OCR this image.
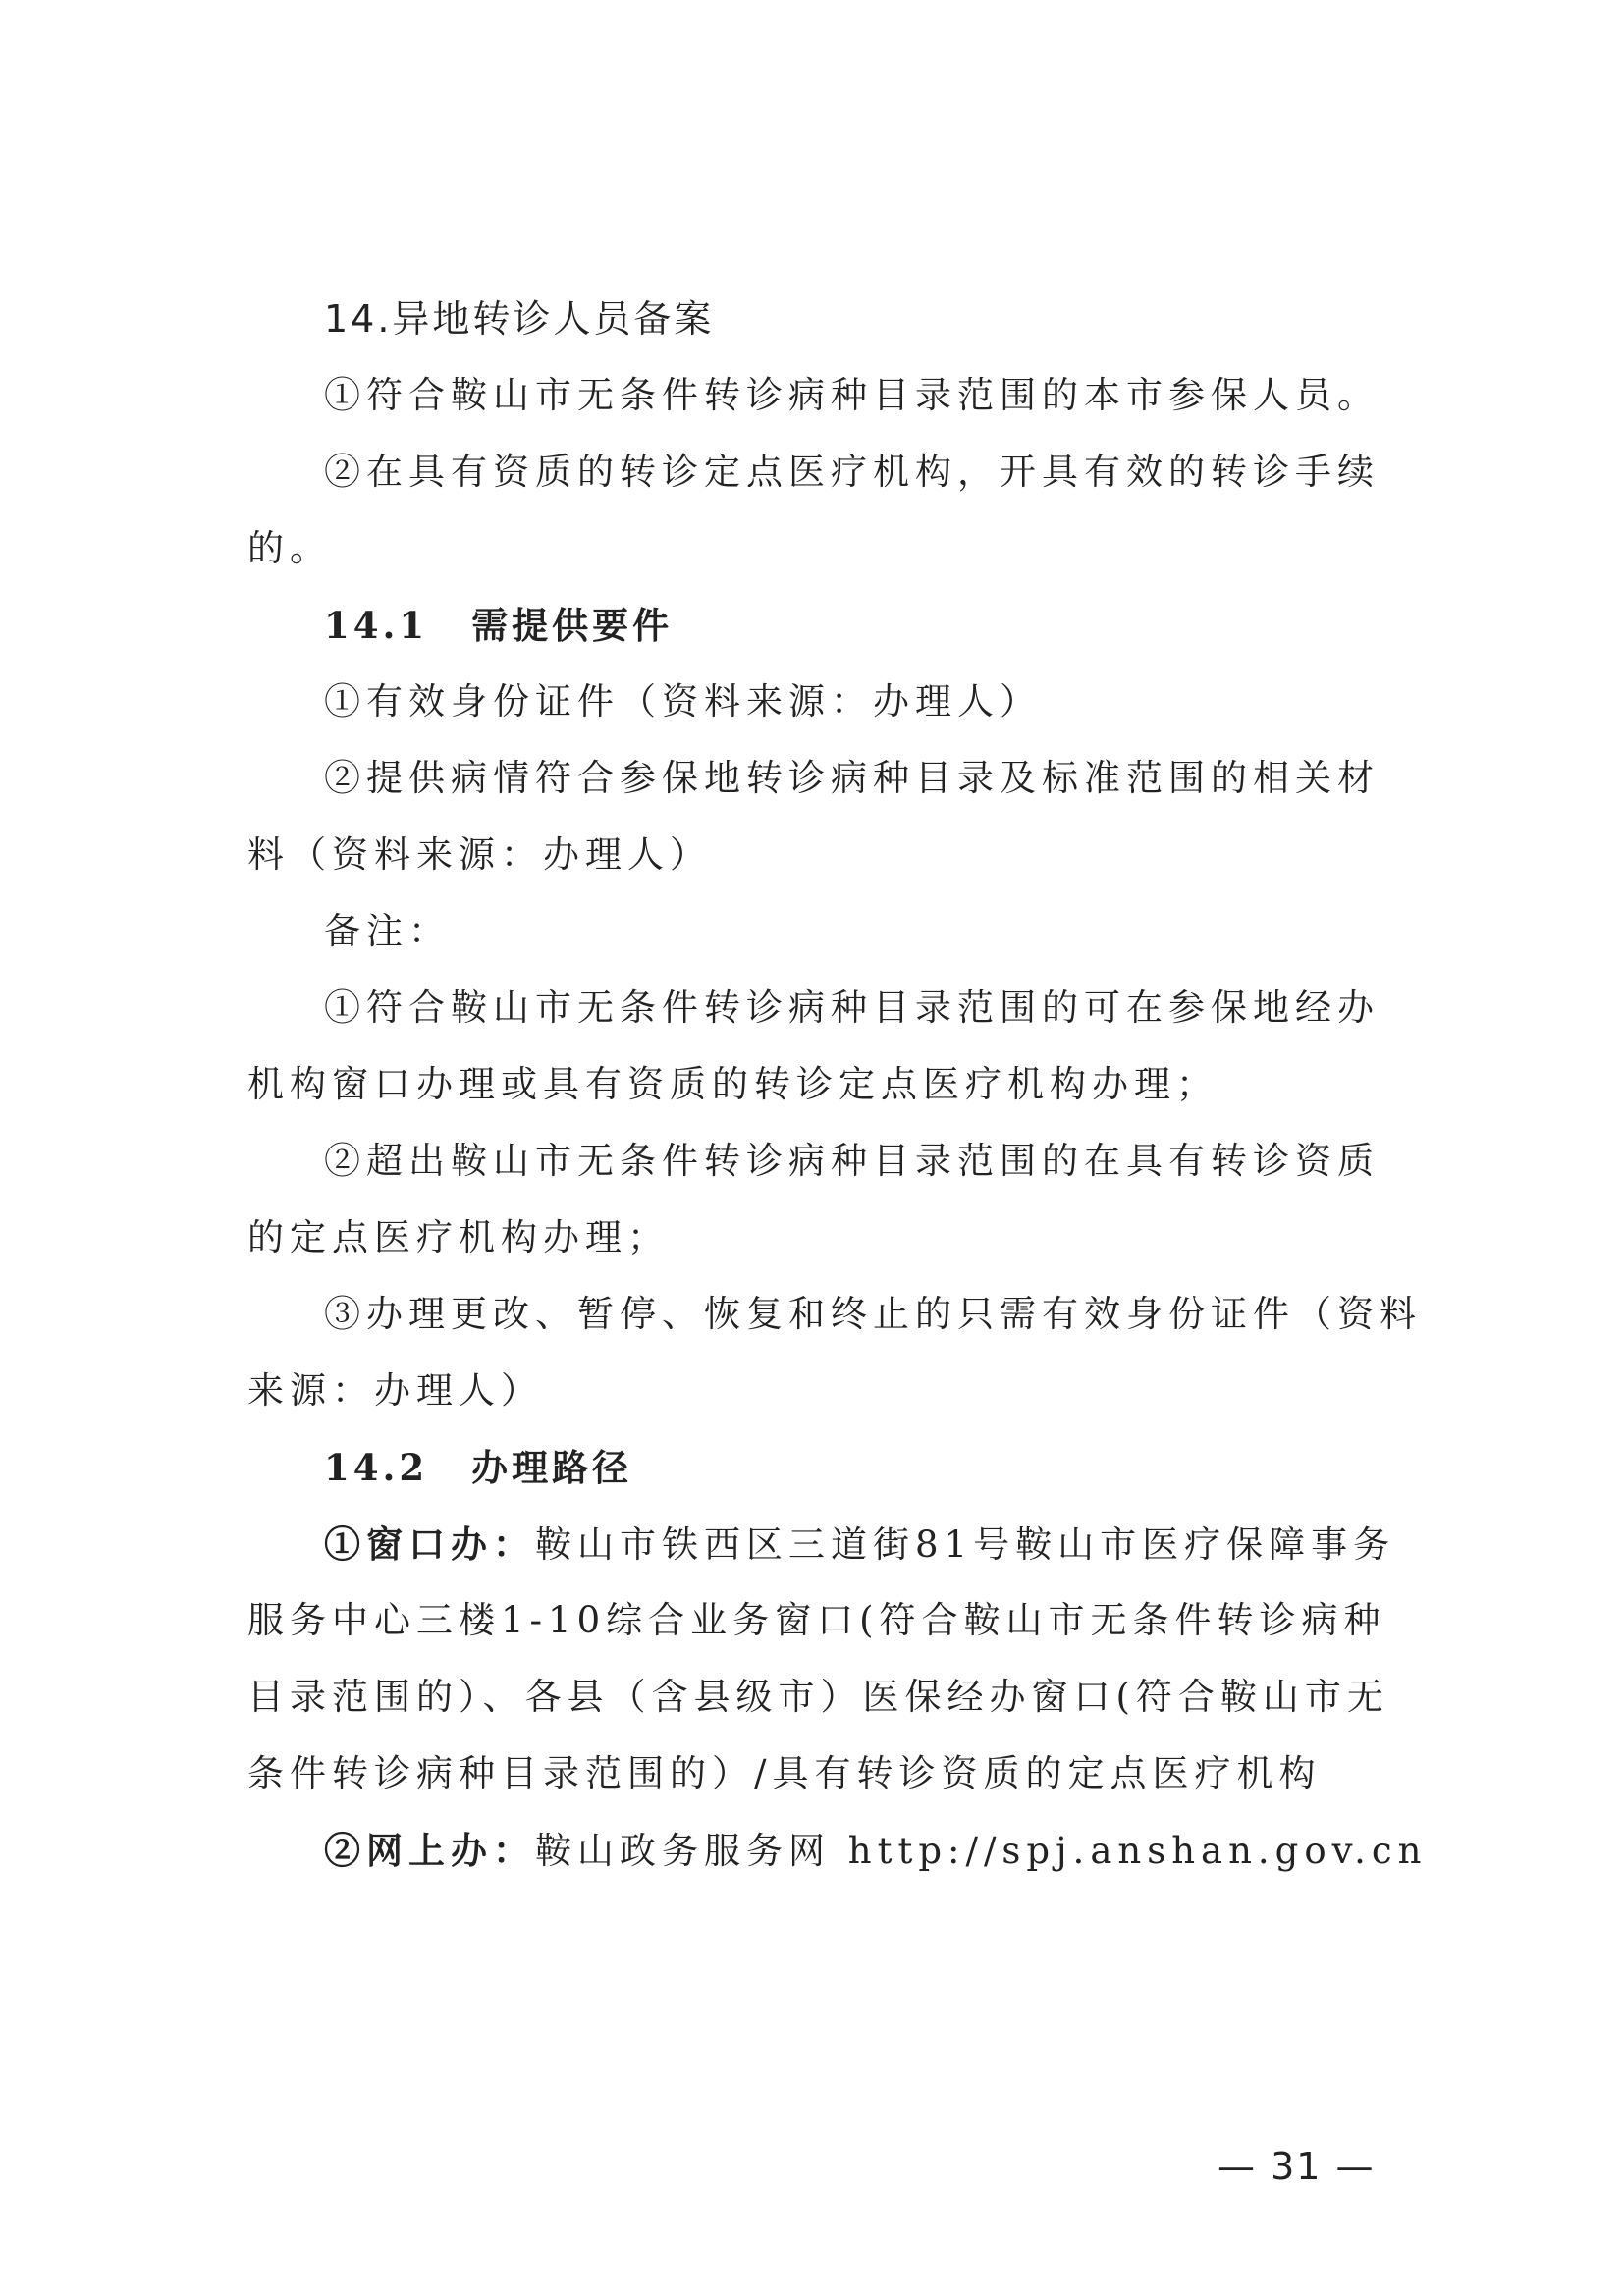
14.异地转诊人员备案
①符合鞍山市无条件转诊病种目录范围的本市参保人员。
②在具有资质的转诊定点医疗机构，开具有效的转诊手续
的。
14.1 需提供要件
①有效身份证件（资料来源：办理人）
②提供病情符合参保地转诊病种目录及标准范围的相关材
料（资料来源：办理人）
备注：
①符合鞍山市无条件转诊病种目录范围的可在参保地经办
机构窗口办理或具有资质的转诊定点医疗机构办理；
②超出鞍山市无条件转诊病种目录范围的在具有转诊资质
的定点医疗机构办理；
③办理更改、暂停、恢复和终止的只需有效身份证件（资料
来源：办理人）
14.2 办理路径
①窗口办：鞍山市铁西区三道街81号鞍山市医疗保障事务
服务中心三楼1-10综合业务窗口(符合鞍山市无条件转诊病种
目录范围的）、各县（含县级市）医保经办窗口(符合鞍山市无
条件转诊病种目录范围的）/具有转诊资质的定点医疗机构
②网上办：鞍山政务服务网 http://spj.anshan.gov.cn
— 31 —
